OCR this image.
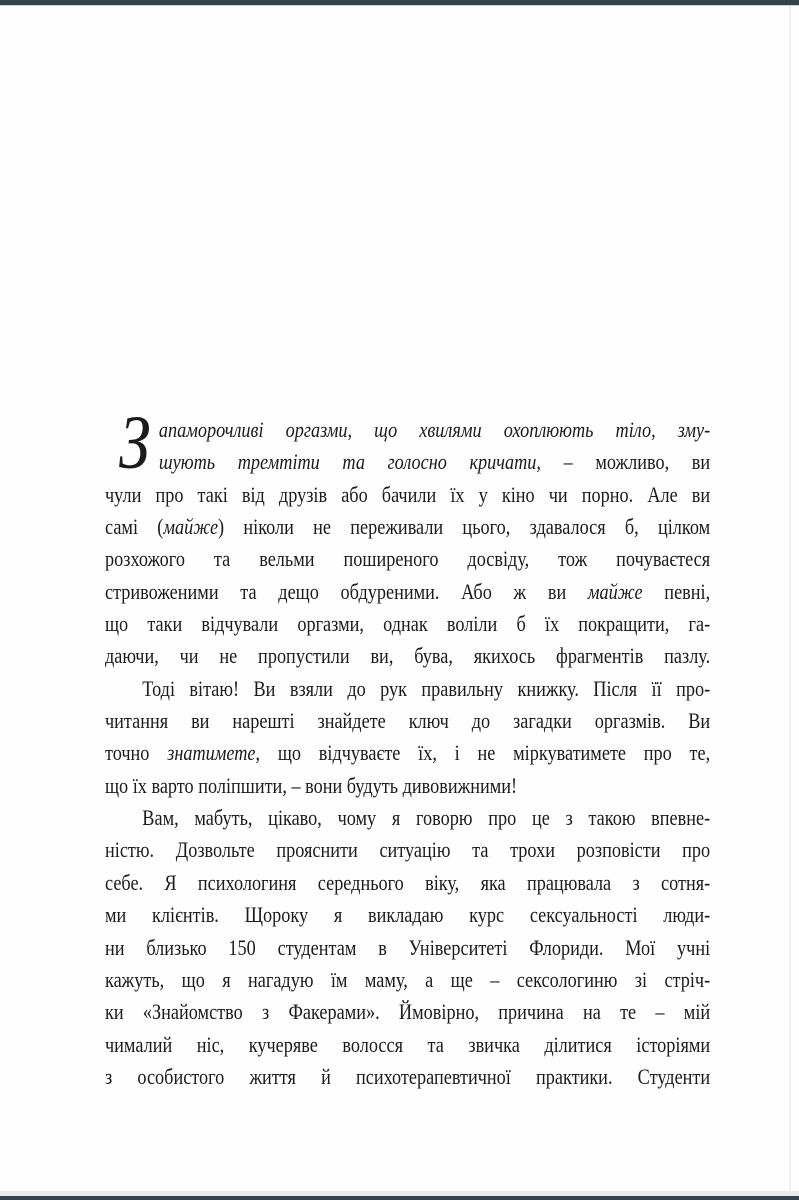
З апаморочливі оргазми, що хвилями охоплюють тіло, зму-
шують тремтіти та голосно кричати, – можливо, ви
чули про такі від друзів або бачили їх у кіно чи порно. Але ви
самі (майже) ніколи не переживали цього, здавалося б, цілком
розхожого та вельми поширеного досвіду, тож почуваєтеся
стривоженими та дещо обдуреними. Або ж ви майже певні,
що таки відчували оргазми, однак воліли б їх покращити, га-
даючи, чи не пропустили ви, бува, якихось фрагментів пазлу.
Тоді вітаю! Ви взяли до рук правильну книжку. Після її про-
читання ви нарешті знайдете ключ до загадки оргазмів. Ви
точно знатимете, що відчуваєте їх, і не міркуватимете про те,
що їх варто поліпшити, – вони будуть дивовижними!
Вам, мабуть, цікаво, чому я говорю про це з такою впевне-
ністю. Дозвольте прояснити ситуацію та трохи розповісти про
себе. Я психологиня середнього віку, яка працювала з сотня-
ми клієнтів. Щороку я викладаю курс сексуальності люди-
ни близько 150 студентам в Університеті Флориди. Мої учні
кажуть, що я нагадую їм маму, а ще – сексологиню зі стріч-
ки «Знайомство з Факерами». Ймовірно, причина на те – мій
чималий ніс, кучеряве волосся та звичка ділитися історіями
з особистого життя й психотерапевтичної практики. Студенти
